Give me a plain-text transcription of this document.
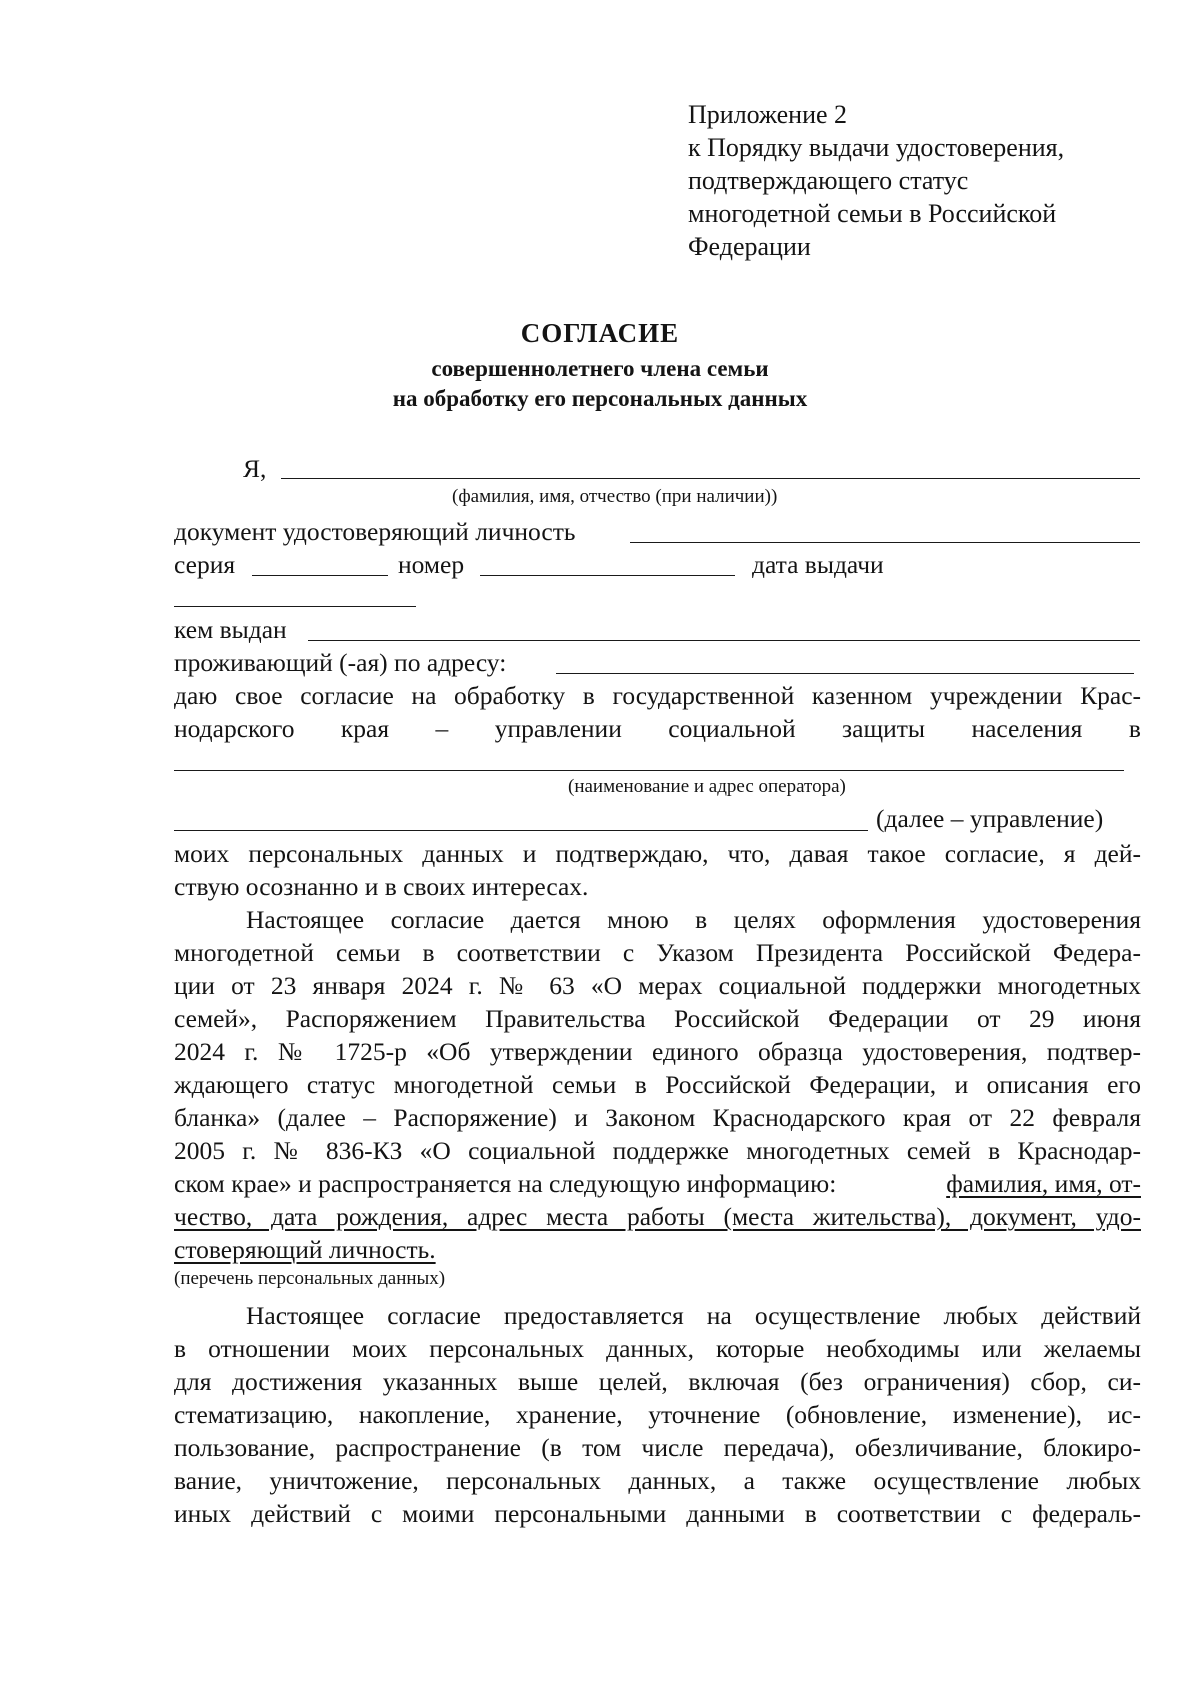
Приложение 2
к Порядку выдачи удостоверения,
подтверждающего статус
многодетной семьи в Российской
Федерации
СОГЛАСИЕ
совершеннолетнего члена семьи
на обработку его персональных данных
Я,
(фамилия, имя, отчество (при наличии))
документ удостоверяющий личность
серия	номер	дата выдачи
кем выдан
проживающий (-ая) по адресу:
даю свое согласие на обработку в государственной казенном учреждении Крас-
нодарского края – управлении социальной защиты населения в
(наименование и адрес оператора)
(далее – управление)
моих персональных данных и подтверждаю, что, давая такое согласие, я дей-
ствую осознанно и в своих интересах.
Настоящее согласие дается мною в целях оформления удостоверения
многодетной семьи в соответствии с Указом Президента Российской Федера-
ции от 23 января 2024 г. № 63 «О мерах социальной поддержки многодетных
семей», Распоряжением Правительства Российской Федерации от 29 июня
2024 г. № 1725-р «Об утверждении единого образца удостоверения, подтвер-
ждающего статус многодетной семьи в Российской Федерации, и описания его
бланка» (далее – Распоряжение) и Законом Краснодарского края от 22 февраля
2005 г. № 836-КЗ «О социальной поддержке многодетных семей в Краснодар-
ском крае» и распространяется на следующую информацию:	фамилия, имя, от-
чество, дата рождения, адрес места работы (места жительства), документ, удо-
стоверяющий личность.
(перечень персональных данных)
Настоящее согласие предоставляется на осуществление любых действий
в отношении моих персональных данных, которые необходимы или желаемы
для достижения указанных выше целей, включая (без ограничения) сбор, си-
стематизацию, накопление, хранение, уточнение (обновление, изменение), ис-
пользование, распространение (в том числе передача), обезличивание, блокиро-
вание, уничтожение, персональных данных, а также осуществление любых
иных действий с моими персональными данными в соответствии с федераль-
